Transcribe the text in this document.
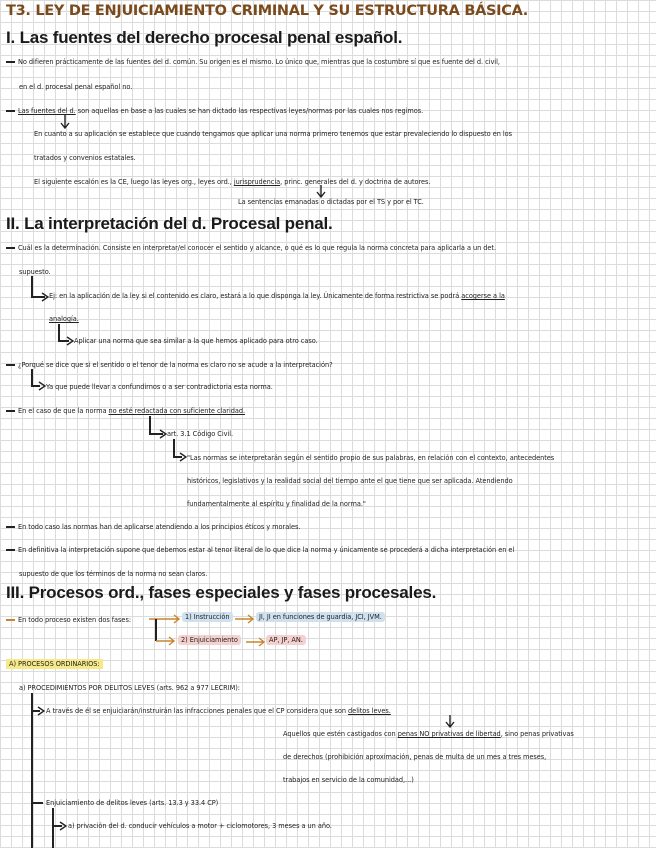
T3. LEY DE ENJUICIAMIENTO CRIMINAL Y SU ESTRUCTURA BÁSICA.
I. Las fuentes del derecho procesal penal español.
No difieren prácticamente de las fuentes del d. común. Su origen es el mismo. Lo único que, mientras que la costumbre sí que es fuente del d. civil,
en el d. procesal penal español no.
Las fuentes del d. son aquellas en base a las cuales se han dictado las respectivas leyes/normas por las cuales nos regimos.
En cuanto a su aplicación se establece que cuando tengamos que aplicar una norma primero tenemos que estar prevaleciendo lo dispuesto en los
tratados y convenios estatales.
El siguiente escalón es la CE, luego las leyes org., leyes ord., jurisprudencia, princ. generales del d. y doctrina de autores.
La sentencias emanadas o dictadas por el TS y por el TC.
II. La interpretación del d. Procesal penal.
Cuál es la determinación. Consiste en interpretar/el conocer el sentido y alcance, o qué es lo que regula la norma concreta para aplicarla a un det.
supuesto.
Ej: en la aplicación de la ley si el contenido es claro, estará a lo que disponga la ley. Únicamente de forma restrictiva se podrá acogerse a la
analogía.
Aplicar una norma que sea similar a la que hemos aplicado para otro caso.
¿Porqué se dice que si el sentido o el tenor de la norma es claro no se acude a la interpretación?
Ya que puede llevar a confundirnos o a ser contradictoria esta norma.
En el caso de que la norma no esté redactada con suficiente claridad.
art. 3.1 Código Civil.
"Las normas se interpretarán según el sentido propio de sus palabras, en relación con el contexto, antecedentes
históricos, legislativos y la realidad social del tiempo ante el que tiene que ser aplicada. Atendiendo
fundamentalmente al espíritu y finalidad de la norma."
En todo caso las normas han de aplicarse atendiendo a los principios éticos y morales.
En definitiva la interpretación supone que debemos estar al tenor literal de lo que dice la norma y únicamente se procederá a dicha interpretación en el
supuesto de que los términos de la norma no sean claros.
III. Procesos ord., fases especiales y fases procesales.
En todo proceso existen dos fases:	1) Instrucción	JI, JI en funciones de guardia, JCI, JVM.
2) Enjuiciamiento	AP, JP, AN.
A) PROCESOS ORDINARIOS:
a) PROCEDIMIENTOS POR DELITOS LEVES (arts. 962 a 977 LECRIM):
A través de él se enjuiciarán/instruirán las infracciones penales que el CP considera que son delitos leves.
Aquellos que estén castigados con penas NO privativas de libertad, sino penas privativas
de derechos (prohibición aproximación, penas de multa de un mes a tres meses,
trabajos en servicio de la comunidad,...)
Enjuiciamiento de delitos leves (arts. 13.3 y 33.4 CP)
a) privación del d. conducir vehículos a motor + ciclomotores, 3 meses a un año.
